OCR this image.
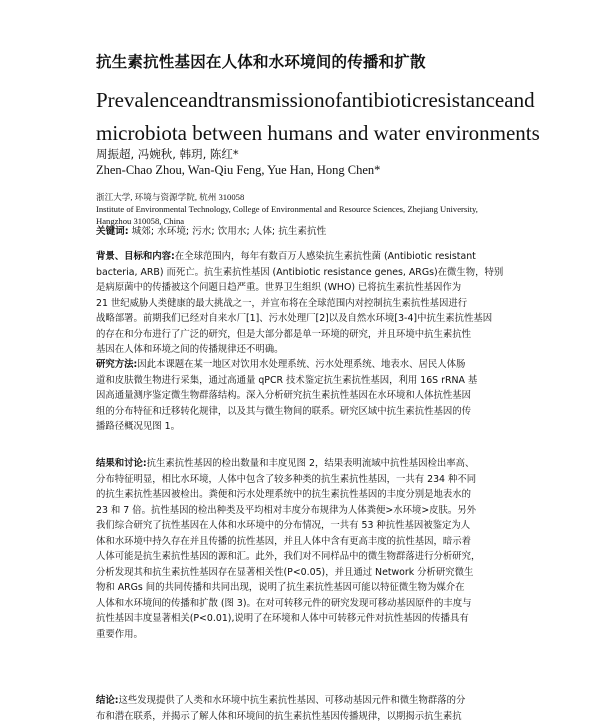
抗生素抗性基因在人体和水环境间的传播和扩散
Prevalence and transmission of antibiotic resistance and
microbiota between humans and water environments
周振超, 冯婉秋, 韩玥, 陈红*
Zhen-Chao Zhou, Wan-Qiu Feng, Yue Han, Hong Chen*
浙江大学, 环境与资源学院, 杭州 310058
Institute of Environmental Technology, College of Environmental and Resource Sciences, Zhejiang University,
Hangzhou 310058, China
关键词: 城郊; 水环境; 污水; 饮用水; 人体; 抗生素抗性
背景、目标和内容:在全球范围内，每年有数百万人感染抗生素抗性菌 (Antibiotic resistant
bacteria, ARB) 而死亡。抗生素抗性基因 (Antibiotic resistance genes, ARGs)在微生物，特别
是病原菌中的传播被这个问题日趋严重。世界卫生组织 (WHO) 已将抗生素抗性基因作为
21 世纪威胁人类健康的最大挑战之一，并宣布将在全球范围内对控制抗生素抗性基因进行
战略部署。前期我们已经对自来水厂[1]、污水处理厂[2]以及自然水环境[3-4]中抗生素抗性基因
的存在和分布进行了广泛的研究，但是大部分都是单一环境的研究，并且环境中抗生素抗性
基因在人体和环境之间的传播规律还不明确。
研究方法:因此本课题在某一地区对饮用水处理系统、污水处理系统、地表水、居民人体肠
道和皮肤微生物进行采集，通过高通量 qPCR 技术鉴定抗生素抗性基因，利用 16S rRNA 基
因高通量测序鉴定微生物群落结构。深入分析研究抗生素抗性基因在水环境和人体抗性基因
组的分布特征和迁移转化规律，以及其与微生物间的联系。研究区域中抗生素抗性基因的传
播路径概况见图 1。
结果和讨论:抗生素抗性基因的检出数量和丰度见图 2，结果表明流域中抗性基因检出率高、
分布特征明显，相比水环境，人体中包含了较多种类的抗生素抗性基因，一共有 234 种不同
的抗生素抗性基因被检出。粪便和污水处理系统中的抗生素抗性基因的丰度分别是地表水的
23 和 7 倍。抗性基因的检出种类及平均相对丰度分布规律为人体粪便>水环境>皮肤。另外
我们综合研究了抗性基因在人体和水环境中的分布情况，一共有 53 种抗性基因被鉴定为人
体和水环境中持久存在并且传播的抗性基因，并且人体中含有更高丰度的抗性基因，暗示着
人体可能是抗生素抗性基因的源和汇。此外，我们对不同样品中的微生物群落进行分析研究，
分析发现其和抗生素抗性基因存在显著相关性(P<0.05)，并且通过 Network 分析研究微生
物和 ARGs 间的共同传播和共同出现，说明了抗生素抗性基因可能以特征微生物为媒介在
人体和水环境间的传播和扩散 (图 3)。在对可转移元件的研究发现可移动基因原件的丰度与
抗性基因丰度显著相关(P<0.01),说明了在环境和人体中可转移元件对抗性基因的传播具有
重要作用。
结论:这些发现提供了人类和水环境中抗生素抗性基因、可移动基因元件和微生物群落的分
布和潜在联系，并揭示了解人体和环境间的抗生素抗性基因传播规律，以期揭示抗生素抗
